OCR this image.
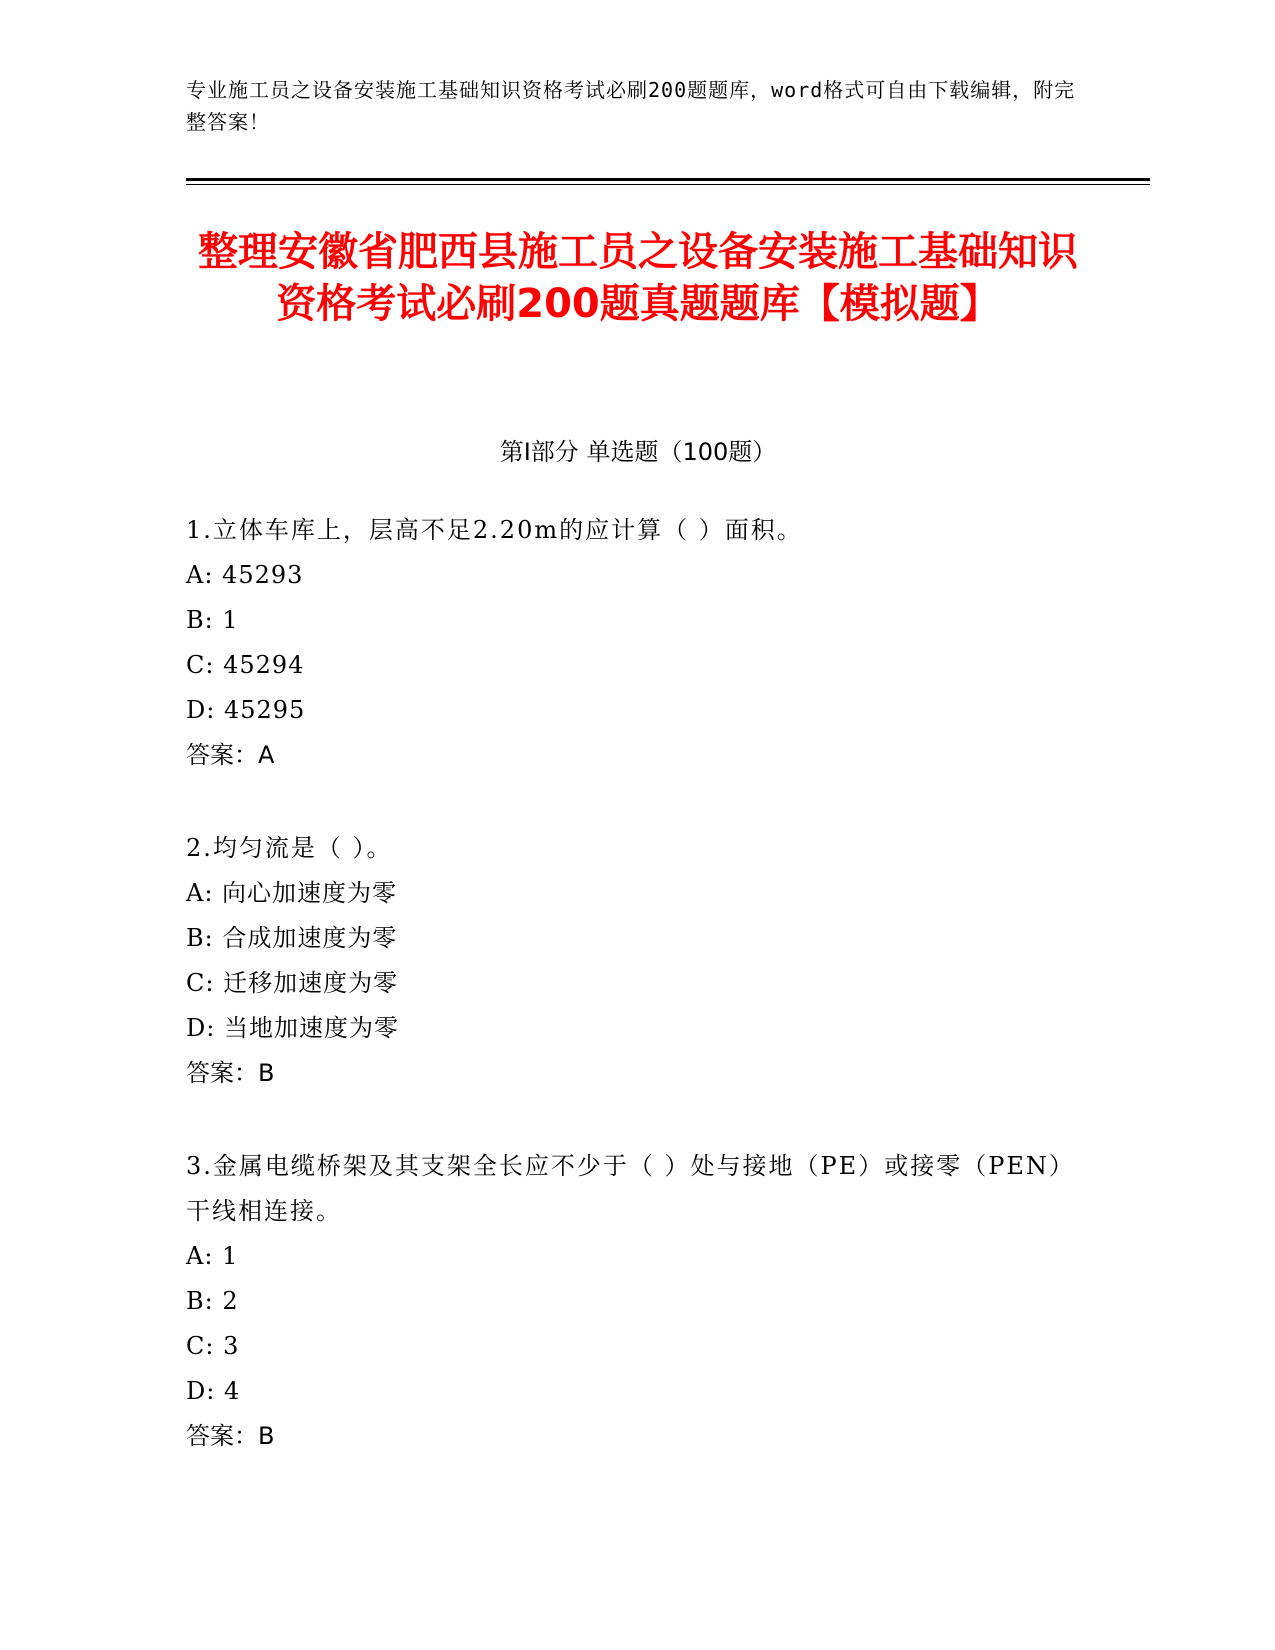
专业施工员之设备安装施工基础知识资格考试必刷200题题库，word格式可自由下载编辑，附完整答案！
整理安徽省肥西县施工员之设备安装施工基础知识资格考试必刷200题真题题库【模拟题】
第Ⅰ部分 单选题（100题）
1.立体车库上，层高不足2.20m的应计算（ ）面积。
A: 45293
B: 1
C: 45294
D: 45295
答案：A
2.均匀流是（ ）。
A: 向心加速度为零
B: 合成加速度为零
C: 迁移加速度为零
D: 当地加速度为零
答案：B
3.金属电缆桥架及其支架全长应不少于（ ）处与接地（PE）或接零（PEN）干线相连接。
A: 1
B: 2
C: 3
D: 4
答案：B
